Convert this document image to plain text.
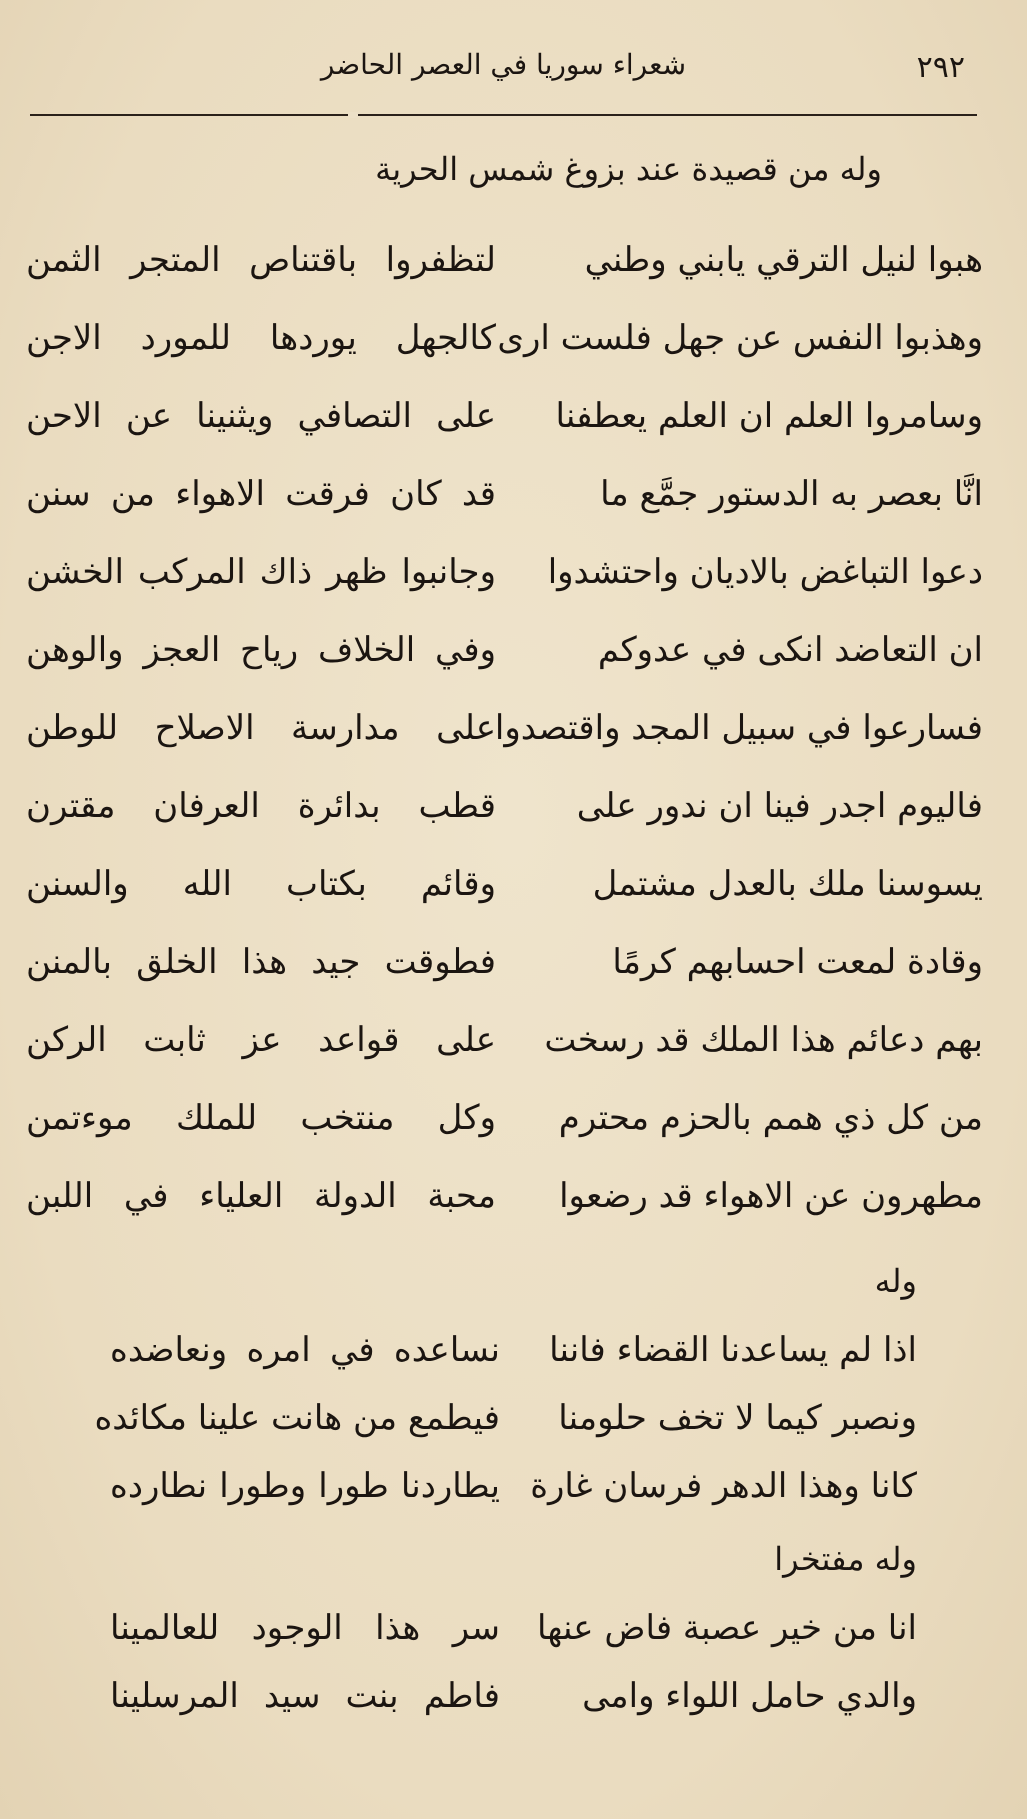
٢٩٢
شعراء سوريا في العصر الحاضر
وله من قصيدة عند بزوغ شمس الحرية
هبوا لنيل الترقي يابني وطني
لتظفروا باقتناص المتجر الثمن
وهذبوا النفس عن جهل فلست ارى
كالجهل يوردها للمورد الاجن
وسامروا العلم ان العلم يعطفنا
على التصافي ويثنينا عن الاحن
انَّا بعصر به الدستور جمَّع ما
قد كان فرقت الاهواء من سنن
دعوا التباغض بالاديان واحتشدوا
وجانبوا ظهر ذاك المركب الخشن
ان التعاضد انكى في عدوكم
وفي الخلاف رياح العجز والوهن
فسارعوا في سبيل المجد واقتصدوا
على مدارسة الاصلاح للوطن
فاليوم اجدر فينا ان ندور على
قطب بدائرة العرفان مقترن
يسوسنا ملك بالعدل مشتمل
وقائم بكتاب الله والسنن
وقادة لمعت احسابهم كرمًا
فطوقت جيد هذا الخلق بالمنن
بهم دعائم هذا الملك قد رسخت
على قواعد عز ثابت الركن
من كل ذي همم بالحزم محترم
وكل منتخب للملك موءتمن
مطهرون عن الاهواء قد رضعوا
محبة الدولة العلياء في اللبن
وله
اذا لم يساعدنا القضاء فاننا
نساعده في امره ونعاضده
ونصبر كيما لا تخف حلومنا
فيطمع من هانت علينا مكائده
كانا وهذا الدهر فرسان غارة
يطاردنا طورا وطورا نطارده
وله مفتخرا
انا من خير عصبة فاض عنها
سر هذا الوجود للعالمينا
والدي حامل اللواء وامى
فاطم بنت سيد المرسلينا
